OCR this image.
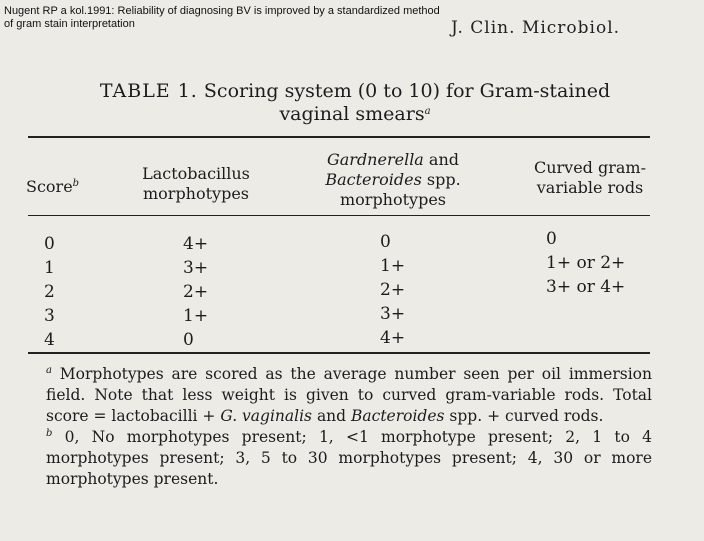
Nugent RP a kol.1991: Reliability of diagnosing BV is improved by a standardized method
of gram stain interpretation	J. Clin. Microbiol.
TABLE 1. Scoring system (0 to 10) for Gram-stained
vaginal smears$^a$
Score$^b$
Lactobacillus
morphotypes
Gardnerella and
Bacteroides spp.
morphotypes
Curved gram-
variable rods
0
1
2
3
4
4+
3+
2+
1+
0
0
1+
2+
3+
4+
0
1+ or 2+
3+ or 4+

$^a$ Morphotypes are scored as the average number seen per oil immersion field. Note that less weight is given to curved gram-variable rods. Total score = lactobacilli + G. vaginalis and Bacteroides spp. + curved rods.

$^b$ 0, No morphotypes present; 1, <1 morphotype present; 2, 1 to 4 morphotypes present; 3, 5 to 30 morphotypes present; 4, 30 or more morphotypes present.
